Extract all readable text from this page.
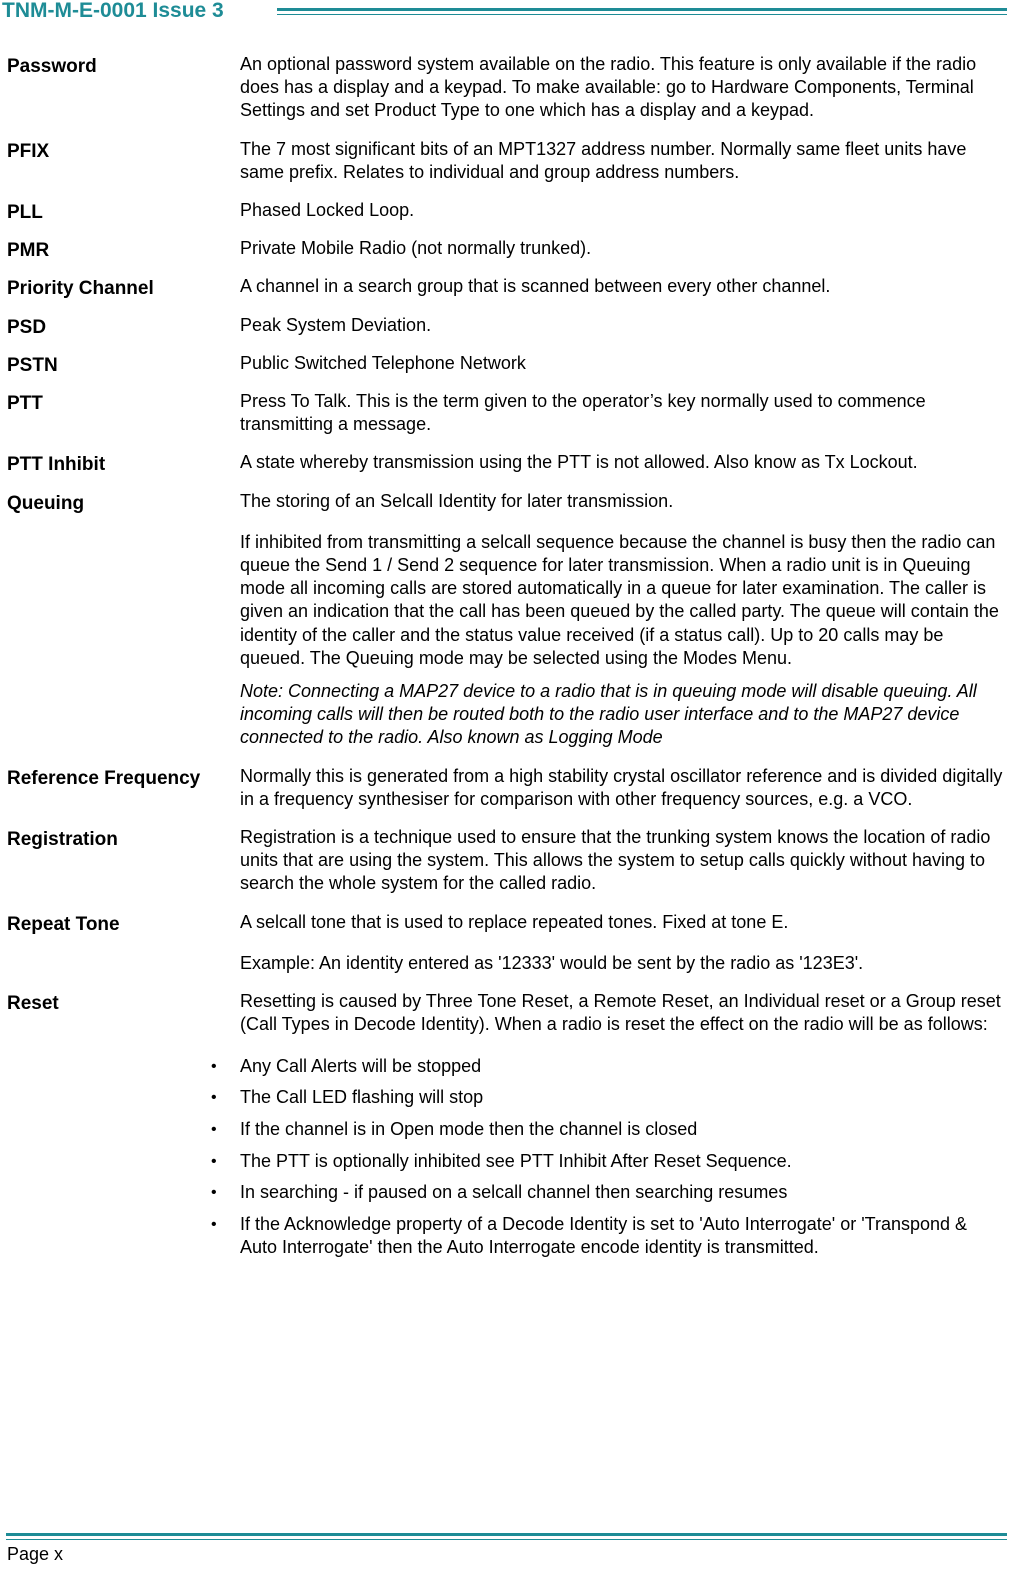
TNM-M-E-0001 Issue 3
Password	An optional password system available on the radio. This feature is only available if the radio does has a display and a keypad. To make available: go to Hardware Components, Terminal Settings and set Product Type to one which has a display and a keypad.

PFIX	The 7 most significant bits of an MPT1327 address number. Normally same fleet units have same prefix. Relates to individual and group address numbers.

PLL	Phased Locked Loop.

PMR	Private Mobile Radio (not normally trunked).

Priority Channel	A channel in a search group that is scanned between every other channel.

PSD	Peak System Deviation.

PSTN	Public Switched Telephone Network

PTT	Press To Talk. This is the term given to the operator’s key normally used to commence transmitting a message.

PTT Inhibit	A state whereby transmission using the PTT is not allowed. Also know as Tx Lockout.

Queuing	The storing of an Selcall Identity for later transmission.

If inhibited from transmitting a selcall sequence because the channel is busy then the radio can queue the Send 1 / Send 2 sequence for later transmission. When a radio unit is in Queuing mode all incoming calls are stored automatically in a queue for later examination. The caller is given an indication that the call has been queued by the called party. The queue will contain the identity of the caller and the status value received (if a status call). Up to 20 calls may be queued. The Queuing mode may be selected using the Modes Menu.

Note: Connecting a MAP27 device to a radio that is in queuing mode will disable queuing. All incoming calls will then be routed both to the radio user interface and to the MAP27 device connected to the radio. Also known as Logging Mode

Reference Frequency	Normally this is generated from a high stability crystal oscillator reference and is divided digitally in a frequency synthesiser for comparison with other frequency sources, e.g. a VCO.

Registration	Registration is a technique used to ensure that the trunking system knows the location of radio units that are using the system. This allows the system to setup calls quickly without having to search the whole system for the called radio.

Repeat Tone	A selcall tone that is used to replace repeated tones. Fixed at tone E.

Example: An identity entered as '12333' would be sent by the radio as '123E3'.

Reset	Resetting is caused by Three Tone Reset, a Remote Reset, an Individual reset or a Group reset (Call Types in Decode Identity). When a radio is reset the effect on the radio will be as follows:

• Any Call Alerts will be stopped
• The Call LED flashing will stop
• If the channel is in Open mode then the channel is closed
• The PTT is optionally inhibited see PTT Inhibit After Reset Sequence.
• In searching - if paused on a selcall channel then searching resumes
• If the Acknowledge property of a Decode Identity is set to 'Auto Interrogate' or 'Transpond & Auto Interrogate' then the Auto Interrogate encode identity is transmitted.
Page x
